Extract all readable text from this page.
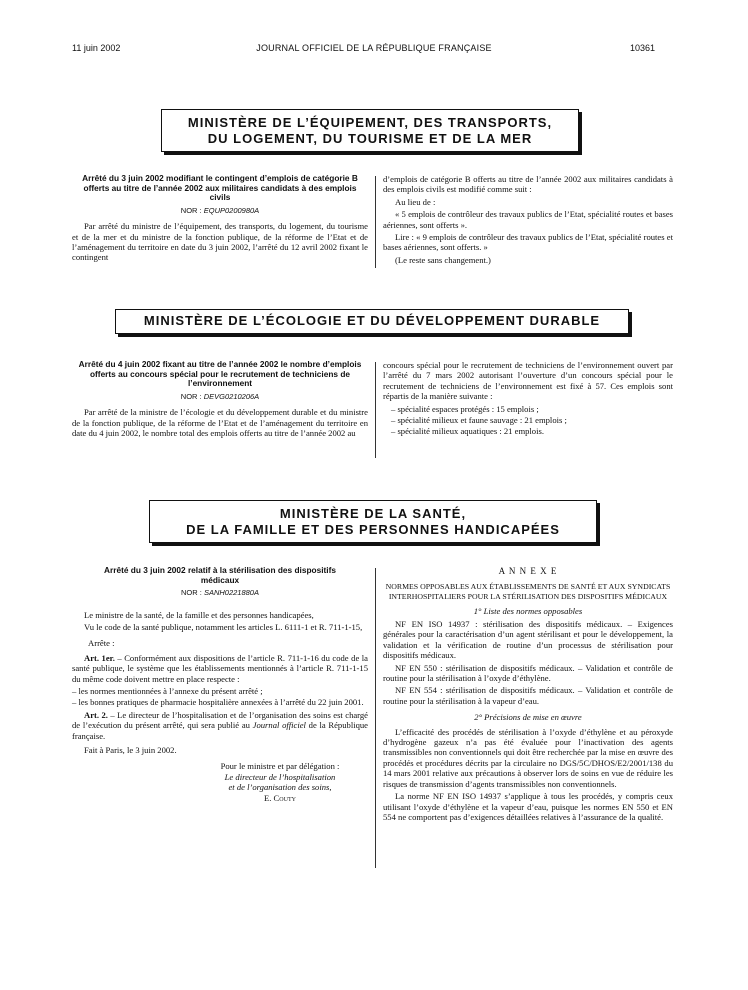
11 juin 2002	JOURNAL OFFICIEL DE LA RÉPUBLIQUE FRANÇAISE	10361
MINISTÈRE DE L’ÉQUIPEMENT, DES TRANSPORTS,
DU LOGEMENT, DU TOURISME ET DE LA MER
Arrêté du 3 juin 2002 modifiant le contingent d’emplois de catégorie B offerts au titre de l’année 2002 aux militaires candidats à des emplois civils
NOR : EQUP0200980A

Par arrêté du ministre de l’équipement, des transports, du logement, du tourisme et de la mer et du ministre de la fonction publique, de la réforme de l’Etat et de l’aménagement du territoire en date du 3 juin 2002, l’arrêté du 12 avril 2002 fixant le contingent

d’emplois de catégorie B offerts au titre de l’année 2002 aux militaires candidats à des emplois civils est modifié comme suit :

Au lieu de :

« 5 emplois de contrôleur des travaux publics de l’Etat, spécialité routes et bases aériennes, sont offerts ».

Lire : « 9 emplois de contrôleur des travaux publics de l’Etat, spécialité routes et bases aériennes, sont offerts. »

(Le reste sans changement.)

MINISTÈRE DE L’ÉCOLOGIE ET DU DÉVELOPPEMENT DURABLE
Arrêté du 4 juin 2002 fixant au titre de l’année 2002 le nombre d’emplois offerts au concours spécial pour le recrutement de techniciens de l’environnement
NOR : DEVG0210206A

Par arrêté de la ministre de l’écologie et du développement durable et du ministre de la fonction publique, de la réforme de l’Etat et de l’aménagement du territoire en date du 4 juin 2002, le nombre total des emplois offerts au titre de l’année 2002 au

concours spécial pour le recrutement de techniciens de l’environnement ouvert par l’arrêté du 7 mars 2002 autorisant l’ouverture d’un concours spécial pour le recrutement de techniciens de l’environnement est fixé à 57. Ces emplois sont répartis de la manière suivante :

– spécialité espaces protégés : 15 emplois ;
– spécialité milieux et faune sauvage : 21 emplois ;
– spécialité milieux aquatiques : 21 emplois.
MINISTÈRE DE LA SANTÉ,
DE LA FAMILLE ET DES PERSONNES HANDICAPÉES
Arrêté du 3 juin 2002 relatif à la stérilisation des dispositifs médicaux
NOR : SANH0221880A

Le ministre de la santé, de la famille et des personnes handicapées,

Vu le code de la santé publique, notamment les articles L. 6111-1 et R. 711-1-15,

Arrête :

Art. 1er. – Conformément aux dispositions de l’article R. 711-1-16 du code de la santé publique, le système que les établissements mentionnés à l’article R. 711-1-15 du même code doivent mettre en place respecte :

– les normes mentionnées à l’annexe du présent arrêté ;
– les bonnes pratiques de pharmacie hospitalière annexées à l’arrêté du 22 juin 2001.

Art. 2. – Le directeur de l’hospitalisation et de l’organisation des soins est chargé de l’exécution du présent arrêté, qui sera publié au Journal officiel de la République française.

Fait à Paris, le 3 juin 2002.

Pour le ministre et par délégation :
Le directeur de l’hospitalisation
et de l’organisation des soins,
E. Couty
A N N E X E
NORMES OPPOSABLES AUX ÉTABLISSEMENTS DE SANTÉ ET AUX SYNDICATS INTERHOSPITALIERS POUR LA STÉRILISATION DES DISPOSITIFS MÉDICAUX
1° Liste des normes opposables

NF EN ISO 14937 : stérilisation des dispositifs médicaux. – Exigences générales pour la caractérisation d’un agent stérilisant et pour le développement, la validation et la vérification de routine d’un processus de stérilisation pour dispositifs médicaux.

NF EN 550 : stérilisation de dispositifs médicaux. – Validation et contrôle de routine pour la stérilisation à l’oxyde d’éthylène.

NF EN 554 : stérilisation de dispositifs médicaux. – Validation et contrôle de routine pour la stérilisation à la vapeur d’eau.

2° Précisions de mise en œuvre

L’efficacité des procédés de stérilisation à l’oxyde d’éthylène et au péroxyde d’hydrogène gazeux n’a pas été évaluée pour l’inactivation des agents transmissibles non conventionnels qui doit être recherchée par la mise en œuvre des procédés et procédures décrits par la circulaire no DGS/5C/DHOS/E2/2001/138 du 14 mars 2001 relative aux précautions à observer lors de soins en vue de réduire les risques de transmission d’agents transmissibles non conventionnels.

La norme NF EN ISO 14937 s’applique à tous les procédés, y compris ceux utilisant l’oxyde d’éthylène et la vapeur d’eau, puisque les normes EN 550 et EN 554 ne comportent pas d’exigences détaillées relatives à l’assurance de la qualité.
